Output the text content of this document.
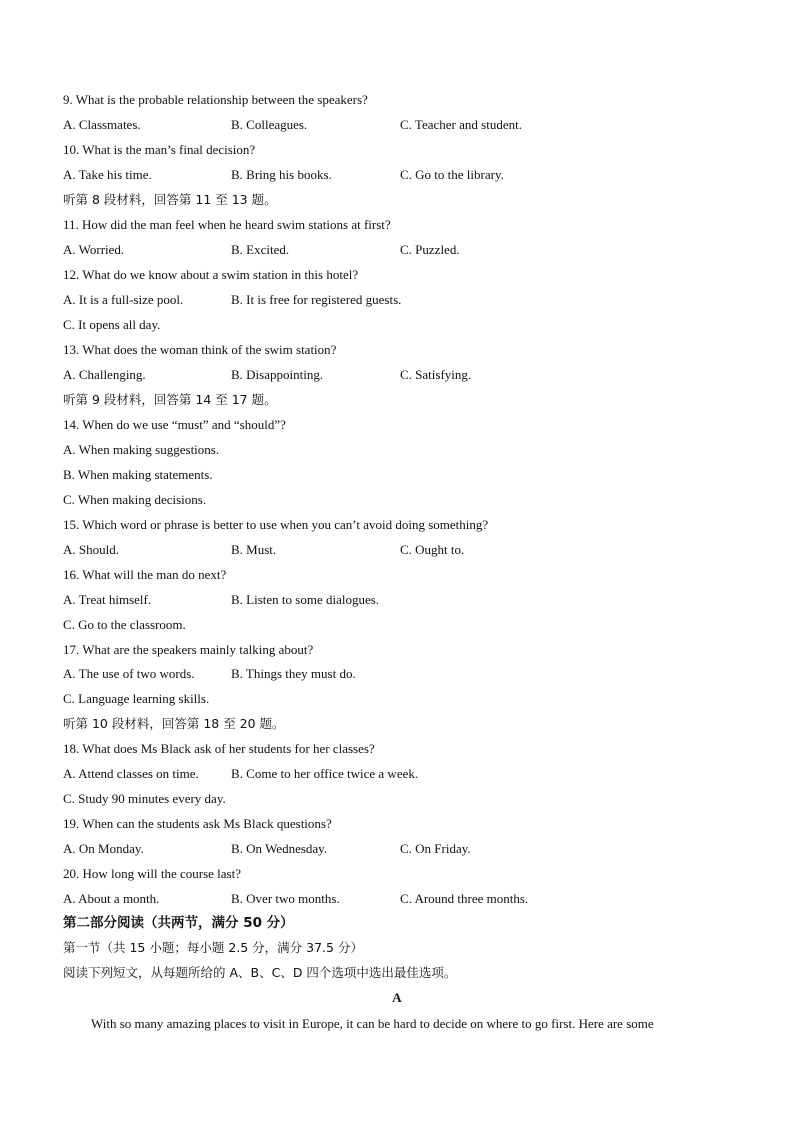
9. What is the probable relationship between the speakers?
A. Classmates.	B. Colleagues.	C. Teacher and student.
10. What is the man’s final decision?
A. Take his time.	B. Bring his books.	C. Go to the library.
听第 8 段材料，回答第 11 至 13 题。
11. How did the man feel when he heard swim stations at first?
A. Worried.	B. Excited.	C. Puzzled.
12. What do we know about a swim station in this hotel?
A. It is a full-size pool.	B. It is free for registered guests.
C. It opens all day.
13. What does the woman think of the swim station?
A. Challenging.	B. Disappointing.	C. Satisfying.
听第 9 段材料，回答第 14 至 17 题。
14. When do we use “must” and “should”?
A. When making suggestions.
B. When making statements.
C. When making decisions.
15. Which word or phrase is better to use when you can’t avoid doing something?
A. Should.	B. Must.	C. Ought to.
16. What will the man do next?
A. Treat himself.	B. Listen to some dialogues.
C. Go to the classroom.
17. What are the speakers mainly talking about?
A. The use of two words.	B. Things they must do.
C. Language learning skills.
听第 10 段材料，回答第 18 至 20 题。
18. What does Ms Black ask of her students for her classes?
A. Attend classes on time. B. Come to her office twice a week.
C. Study 90 minutes every day.
19. When can the students ask Ms Black questions?
A. On Monday.	B. On Wednesday.	C. On Friday.
20. How long will the course last?
A. About a month.	B. Over two months.	C. Around three months.
第二部分阅读（共两节，满分 50 分）
第一节（共 15 小题；每小题 2.5 分，满分 37.5 分）
阅读下列短文，从每题所给的 A、B、C、D 四个选项中选出最佳选项。
A
With so many amazing places to visit in Europe, it can be hard to decide on where to go first. Here are some
